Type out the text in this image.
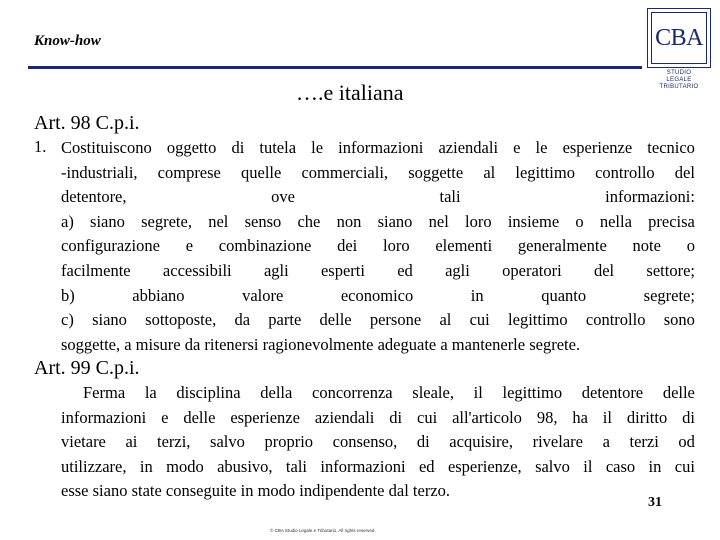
Know-how	CBA
STUDIO
LEGALE TRIBUTARIO
….e italiana
Art. 98 C.p.i.
1. Costituiscono oggetto di tutela le informazioni aziendali e le esperienze tecnico
-industriali, comprese quelle commerciali, soggette al legittimo controllo del
detentore,	ove	tali	informazioni:
a) siano segrete, nel senso che non siano nel loro insieme o nella precisa
configurazione e combinazione dei loro elementi generalmente note o
facilmente accessibili agli esperti ed agli operatori del settore;
b)	abbiano	valore	economico	in	quanto	segrete;
c) siano sottoposte, da parte delle persone al cui legittimo controllo sono
soggette, a misure da ritenersi ragionevolmente adeguate a mantenerle segrete.
Art. 99 C.p.i.
Ferma la disciplina della concorrenza sleale, il legittimo detentore delle
informazioni e delle esperienze aziendali di cui all'articolo 98, ha il diritto di
vietare ai terzi, salvo proprio consenso, di acquisire, rivelare a terzi od
utilizzare, in modo abusivo, tali informazioni ed esperienze, salvo il caso in cui
esse siano state conseguite in modo indipendente dal terzo.
31
© CBA Studio Legale e Tributario. All rights reserved.
